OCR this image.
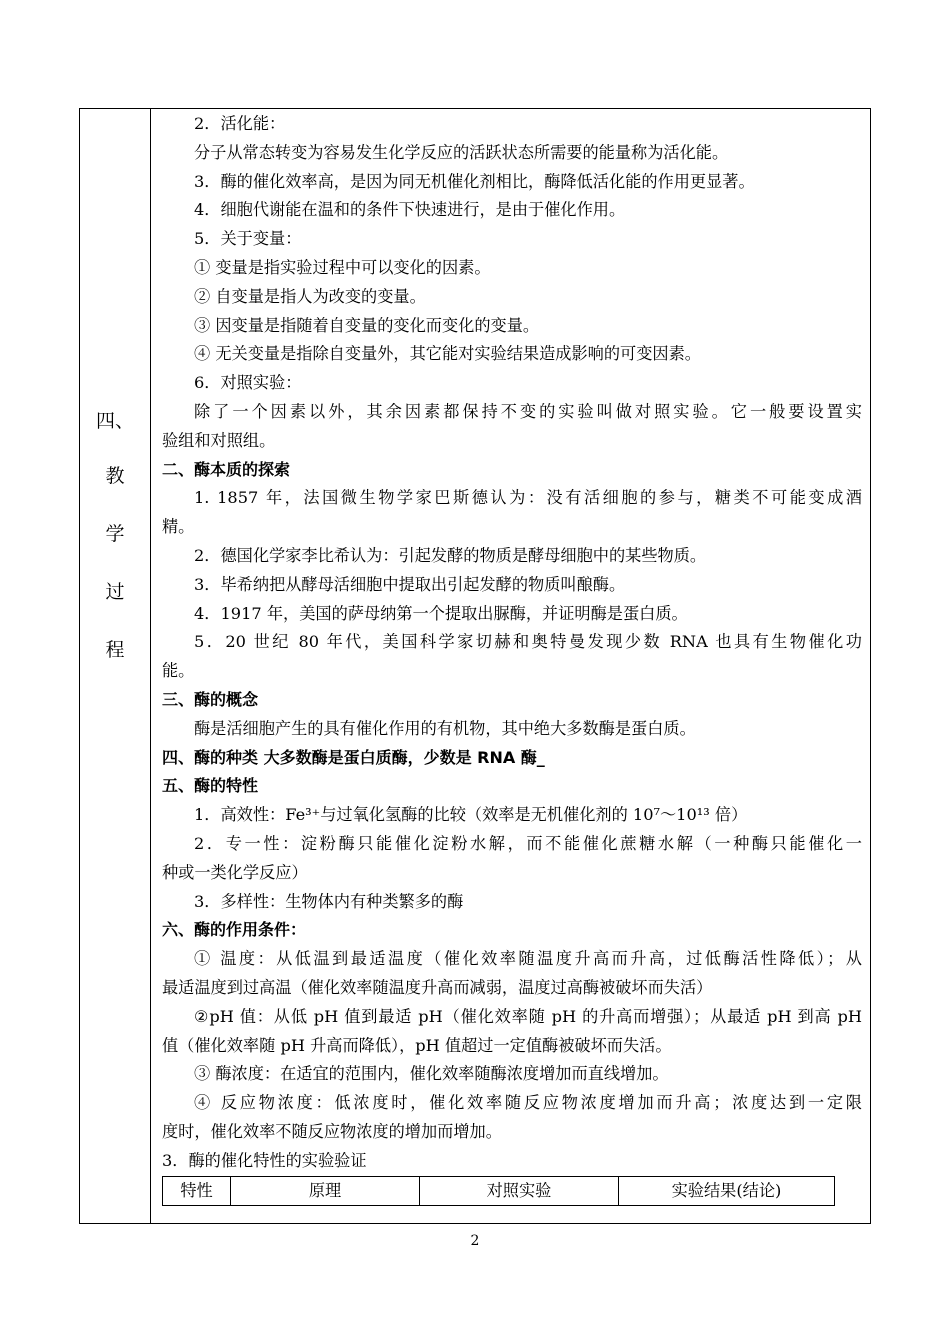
四、
教
学
过
程
2．活化能：
分子从常态转变为容易发生化学反应的活跃状态所需要的能量称为活化能。
3．酶的催化效率高，是因为同无机催化剂相比，酶降低活化能的作用更显著。
4．细胞代谢能在温和的条件下快速进行，是由于催化作用。
5．关于变量：
① 变量是指实验过程中可以变化的因素。
② 自变量是指人为改变的变量。
③ 因变量是指随着自变量的变化而变化的变量。
④ 无关变量是指除自变量外，其它能对实验结果造成影响的可变因素。
6．对照实验：
除了一个因素以外，其余因素都保持不变的实验叫做对照实验。它一般要设置实
验组和对照组。
二、酶本质的探索
1. 1857 年，法国微生物学家巴斯德认为：没有活细胞的参与，糖类不可能变成酒
精。
2．德国化学家李比希认为：引起发酵的物质是酵母细胞中的某些物质。
3．毕希纳把从酵母活细胞中提取出引起发酵的物质叫酿酶。
4．1917 年，美国的萨母纳第一个提取出脲酶，并证明酶是蛋白质。
5．20 世纪 80 年代，美国科学家切赫和奥特曼发现少数 RNA 也具有生物催化功
能。
三、酶的概念
酶是活细胞产生的具有催化作用的有机物，其中绝大多数酶是蛋白质。
四、酶的种类 大多数酶是蛋白质酶，少数是 RNA 酶_
五、酶的特性
1．高效性：Fe³⁺与过氧化氢酶的比较（效率是无机催化剂的 10⁷～10¹³ 倍）
2．专一性：淀粉酶只能催化淀粉水解，而不能催化蔗糖水解（一种酶只能催化一
种或一类化学反应）
3．多样性：生物体内有种类繁多的酶
六、酶的作用条件：
① 温度：从低温到最适温度（催化效率随温度升高而升高，过低酶活性降低）；从
最适温度到过高温（催化效率随温度升高而减弱，温度过高酶被破坏而失活）
②pH 值：从低 pH 值到最适 pH（催化效率随 pH 的升高而增强）；从最适 pH 到高 pH
值（催化效率随 pH 升高而降低），pH 值超过一定值酶被破坏而失活。
③ 酶浓度：在适宜的范围内，催化效率随酶浓度增加而直线增加。
④ 反应物浓度：低浓度时，催化效率随反应物浓度增加而升高；浓度达到一定限
度时，催化效率不随反应物浓度的增加而增加。
3．酶的催化特性的实验验证
特性	原理	对照实验	实验结果(结论)
2
